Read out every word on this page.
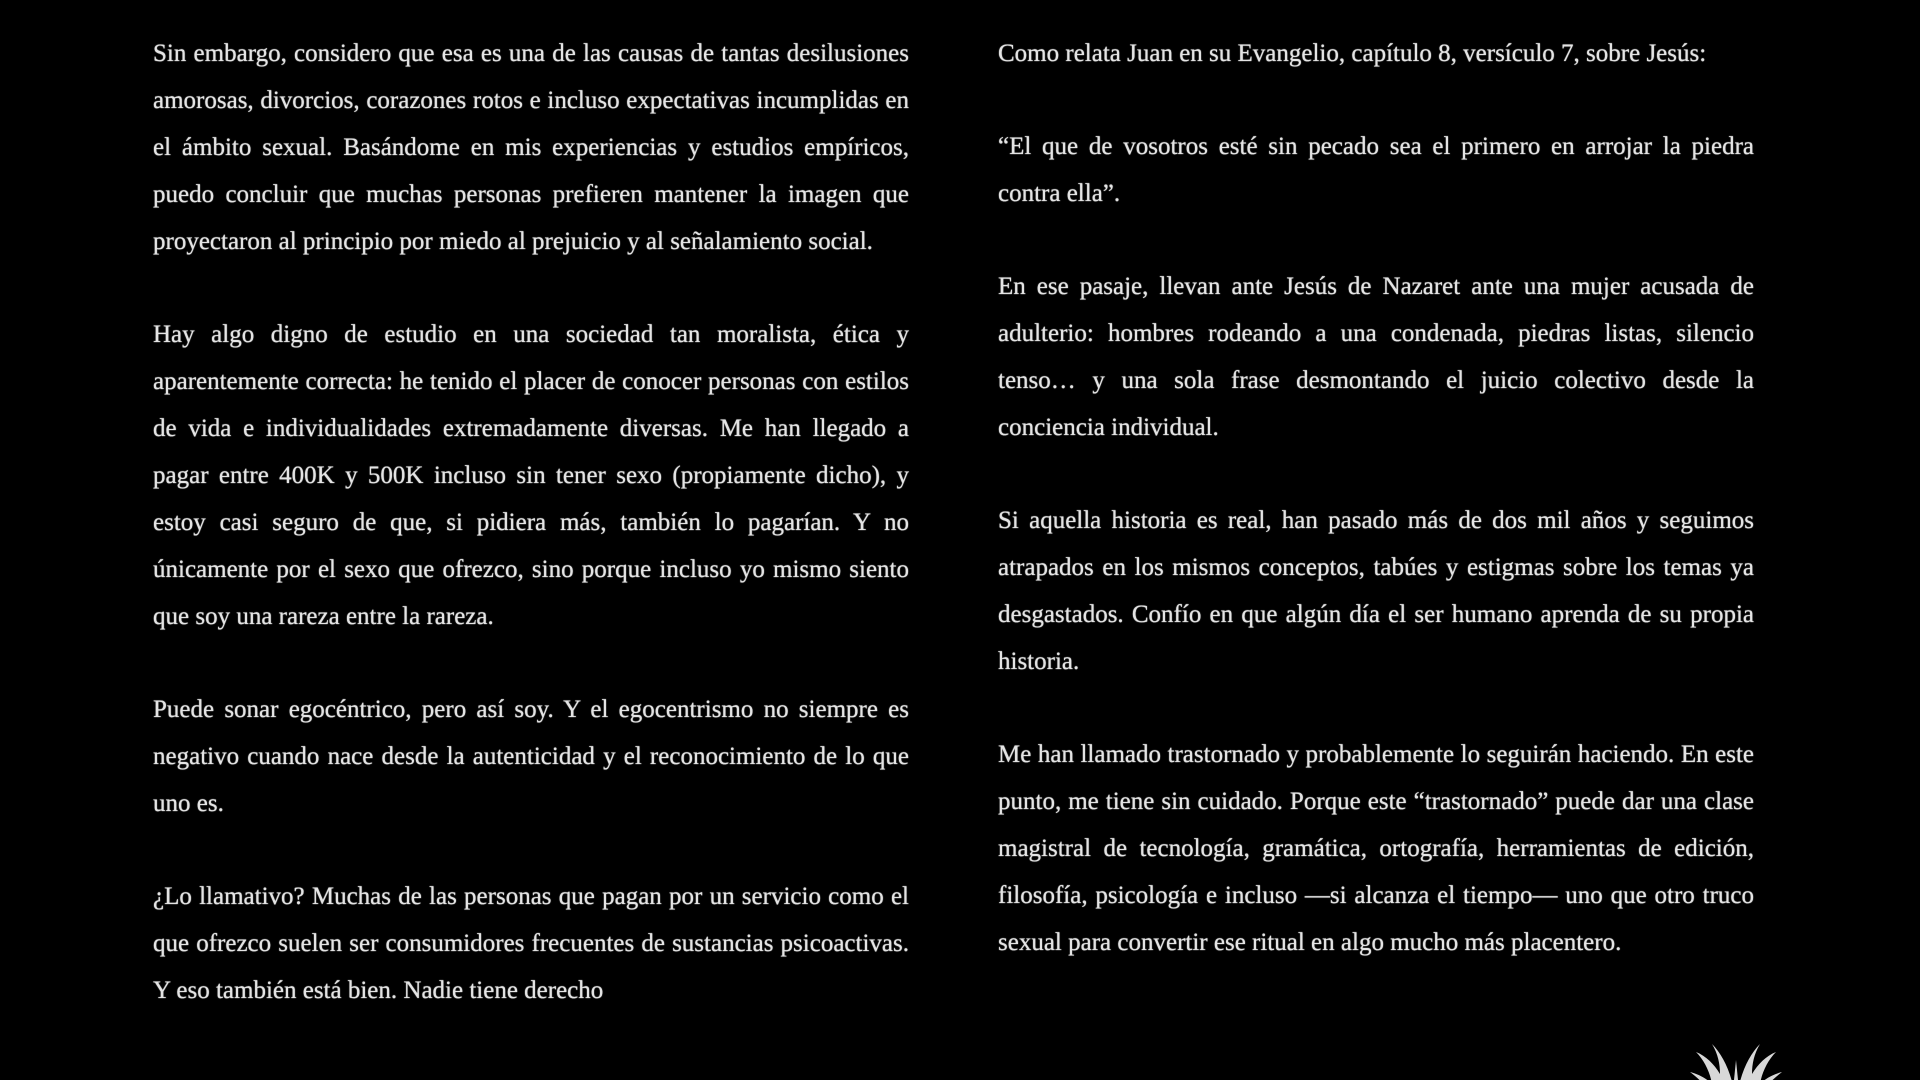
Sin embargo, considero que esa es una de las causas de tantas desilusiones amorosas, divorcios, corazones rotos e incluso expectativas incumplidas en el ámbito sexual. Basándome en mis experiencias y estudios empíricos, puedo concluir que muchas personas prefieren mantener la imagen que proyectaron al principio por miedo al prejuicio y al señalamiento social.

Hay algo digno de estudio en una sociedad tan moralista, ética y aparentemente correcta: he tenido el placer de conocer personas con estilos de vida e individualidades extremadamente diversas. Me han llegado a pagar entre 400K y 500K incluso sin tener sexo (propiamente dicho), y estoy casi seguro de que, si pidiera más, también lo pagarían. Y no únicamente por el sexo que ofrezco, sino porque incluso yo mismo siento que soy una rareza entre la rareza.

Puede sonar egocéntrico, pero así soy. Y el egocentrismo no siempre es negativo cuando nace desde la autenticidad y el reconocimiento de lo que uno es.

¿Lo llamativo? Muchas de las personas que pagan por un servicio como el que ofrezco suelen ser consumidores frecuentes de sustancias psicoactivas. Y eso también está bien. Nadie tiene derecho

Como relata Juan en su Evangelio, capítulo 8, versículo 7, sobre Jesús:

“El que de vosotros esté sin pecado sea el primero en arrojar la piedra contra ella”.

En ese pasaje, llevan ante Jesús de Nazaret ante una mujer acusada de adulterio: hombres rodeando a una condenada, piedras listas, silencio tenso… y una sola frase desmontando el juicio colectivo desde la conciencia individual.

Si aquella historia es real, han pasado más de dos mil años y seguimos atrapados en los mismos conceptos, tabúes y estigmas sobre los temas ya desgastados. Confío en que algún día el ser humano aprenda de su propia historia.

Me han llamado trastornado y probablemente lo seguirán haciendo. En este punto, me tiene sin cuidado. Porque este “trastornado” puede dar una clase magistral de tecnología, gramática, ortografía, herramientas de edición, filosofía, psicología e incluso —si alcanza el tiempo— uno que otro truco sexual para convertir ese ritual en algo mucho más placentero.
